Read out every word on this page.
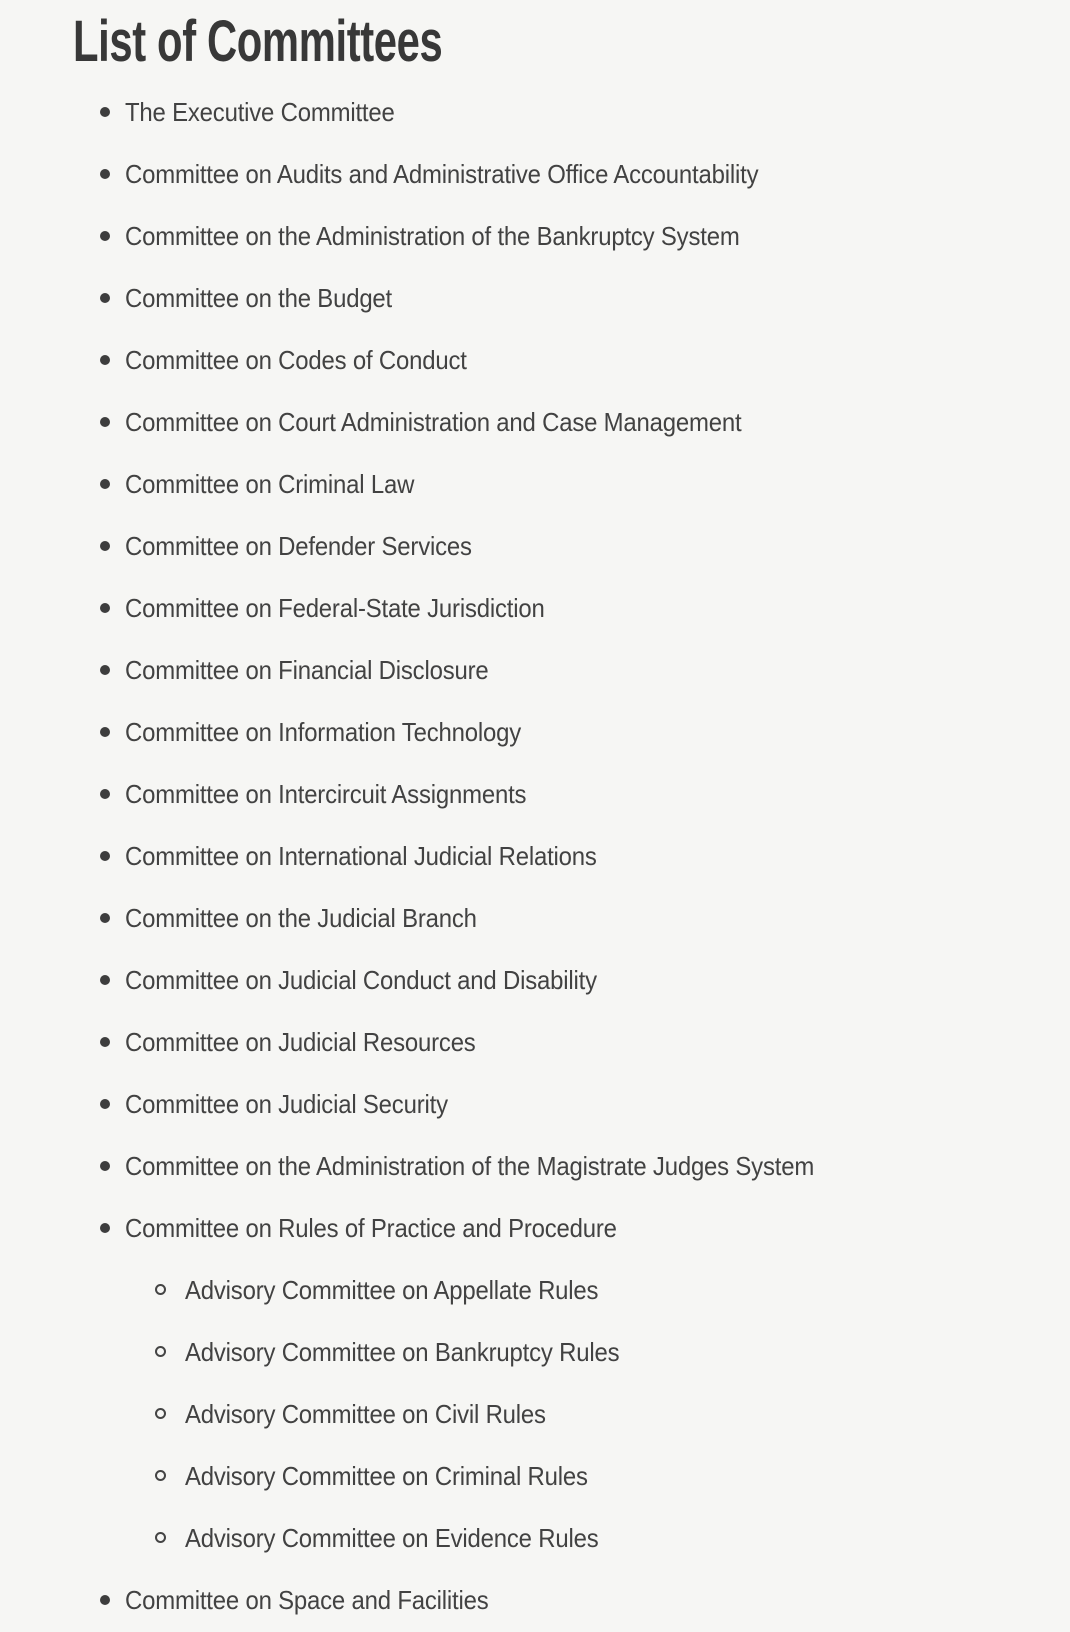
List of Committees
The Executive Committee
Committee on Audits and Administrative Office Accountability
Committee on the Administration of the Bankruptcy System
Committee on the Budget
Committee on Codes of Conduct
Committee on Court Administration and Case Management
Committee on Criminal Law
Committee on Defender Services
Committee on Federal-State Jurisdiction
Committee on Financial Disclosure
Committee on Information Technology
Committee on Intercircuit Assignments
Committee on International Judicial Relations
Committee on the Judicial Branch
Committee on Judicial Conduct and Disability
Committee on Judicial Resources
Committee on Judicial Security
Committee on the Administration of the Magistrate Judges System
Committee on Rules of Practice and Procedure
Advisory Committee on Appellate Rules
Advisory Committee on Bankruptcy Rules
Advisory Committee on Civil Rules
Advisory Committee on Criminal Rules
Advisory Committee on Evidence Rules
Committee on Space and Facilities
